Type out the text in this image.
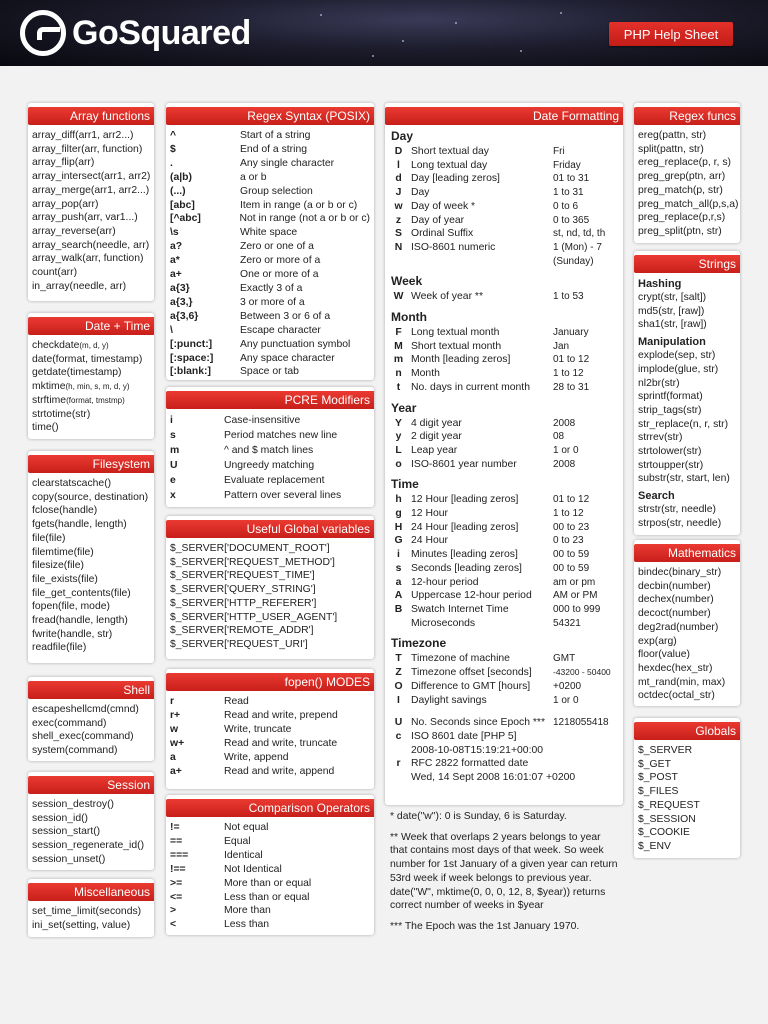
GoSquared	PHP Help Sheet
Array functions
array_diff(arr1, arr2...)
array_filter(arr, function)
array_flip(arr)
array_intersect(arr1, arr2)
array_merge(arr1, arr2...)
array_pop(arr)
array_push(arr, var1...)
array_reverse(arr)
array_search(needle, arr)
array_walk(arr, function)
count(arr)
in_array(needle, arr)
Date + Time
checkdate(m, d, y)
date(format, timestamp)
getdate(timestamp)
mktime(h, min, s, m, d, y)
strftime(format, tmstmp)
strtotime(str)
time()
Filesystem
clearstatscache()
copy(source, destination)
fclose(handle)
fgets(handle, length)
file(file)
filemtime(file)
filesize(file)
file_exists(file)
file_get_contents(file)
fopen(file, mode)
fread(handle, length)
fwrite(handle, str)
readfile(file)
Shell
escapeshellcmd(cmnd)
exec(command)
shell_exec(command)
system(command)
Session
session_destroy()
session_id()
session_start()
session_regenerate_id()
session_unset()
Miscellaneous
set_time_limit(seconds)
ini_set(setting, value)
Regex Syntax (POSIX)
^	Start of a string
$	End of a string
.	Any single character
(a|b)	a or b
(...)	Group selection
[abc]	Item in range (a or b or c)
[^abc]	Not in range (not a or b or c)
\s	White space
a?	Zero or one of a
a*	Zero or more of a
a+	One or more of a
a{3}	Exactly 3 of a
a{3,}	3 or more of a
a{3,6}	Between 3 or 6 of a
\	Escape character
[:punct:]	Any punctuation symbol
[:space:]	Any space character
[:blank:]	Space or tab
PCRE Modifiers
i	Case-insensitive
s	Period matches new line
m	^ and $ match lines
U	Ungreedy matching
e	Evaluate replacement
x	Pattern over several lines
Useful Global variables
$_SERVER['DOCUMENT_ROOT']
$_SERVER['REQUEST_METHOD']
$_SERVER['REQUEST_TIME']
$_SERVER['QUERY_STRING']
$_SERVER['HTTP_REFERER']
$_SERVER['HTTP_USER_AGENT']
$_SERVER['REMOTE_ADDR']
$_SERVER['REQUEST_URI']
fopen() MODES
r	Read
r+	Read and write, prepend
w	Write, truncate
w+	Read and write, truncate
a	Write, append
a+	Read and write, append
Comparison Operators
!=	Not equal
==	Equal
===	Identical
!==	Not Identical
>=	More than or equal
<=	Less than or equal
>	More than
<	Less than
Date Formatting
Day
D Short textual day	Fri
l	Long textual day	Friday
d Day [leading zeros]	01 to 31
J Day	1 to 31
w Day of week *	0 to 6
z Day of year	0 to 365
S Ordinal Suffix	st, nd, td, th
N ISO-8601 numeric	1 (Mon) - 7
(Sunday)
Week
W Week of year **	1 to 53
Month
F Long textual month	January
M Short textual month	Jan
m Month [leading zeros]	01 to 12
n Month	1 to 12
t	No. days in current month	28 to 31
Year
Y 4 digit year	2008
y 2 digit year	08
L Leap year	1 or 0
o ISO-8601 year number	2008
Time
h 12 Hour [leading zeros]	01 to 12
g 12 Hour	1 to 12
H 24 Hour [leading zeros]	00 to 23
G 24 Hour	0 to 23
i	Minutes [leading zeros]	00 to 59
s Seconds [leading zeros]	00 to 59
a 12-hour period	am or pm
A Uppercase 12-hour period	AM or PM
B Swatch Internet Time	000 to 999
Microseconds	54321
Timezone
T Timezone of machine	GMT
Z Timezone offset [seconds]	-43200 - 50400
O Difference to GMT [hours]	+0200
I	Daylight savings	1 or 0
U No. Seconds since Epoch *** 1218055418
c ISO 8601 date [PHP 5]
2008-10-08T15:19:21+00:00
r	RFC 2822 formatted date
Wed, 14 Sept 2008 16:01:07 +0200

* date("w"): 0 is Sunday, 6 is Saturday.

** Week that overlaps 2 years belongs to year that contains most days of that week. So week number for 1st January of a given year can return 53rd week if week belongs to previous year. date("W", mktime(0, 0, 0, 12, 8, $year)) returns correct number of weeks in $year

*** The Epoch was the 1st January 1970.

Regex funcs
ereg(pattn, str)
split(pattn, str)
ereg_replace(p, r, s)
preg_grep(ptn, arr)
preg_match(p, str)
preg_match_all(p,s,a)
preg_replace(p,r,s)
preg_split(ptn, str)
Strings
Hashing
crypt(str, [salt])
md5(str, [raw])
sha1(str, [raw])
Manipulation
explode(sep, str)
implode(glue, str)
nl2br(str)
sprintf(format)
strip_tags(str)
str_replace(n, r, str)
strrev(str)
strtolower(str)
strtoupper(str)
substr(str, start, len)
Search
strstr(str, needle)
strpos(str, needle)
Mathematics
bindec(binary_str)
decbin(number)
dechex(number)
decoct(number)
deg2rad(number)
exp(arg)
floor(value)
hexdec(hex_str)
mt_rand(min, max)
octdec(octal_str)
Globals
$_SERVER
$_GET
$_POST
$_FILES
$_REQUEST
$_SESSION
$_COOKIE
$_ENV
